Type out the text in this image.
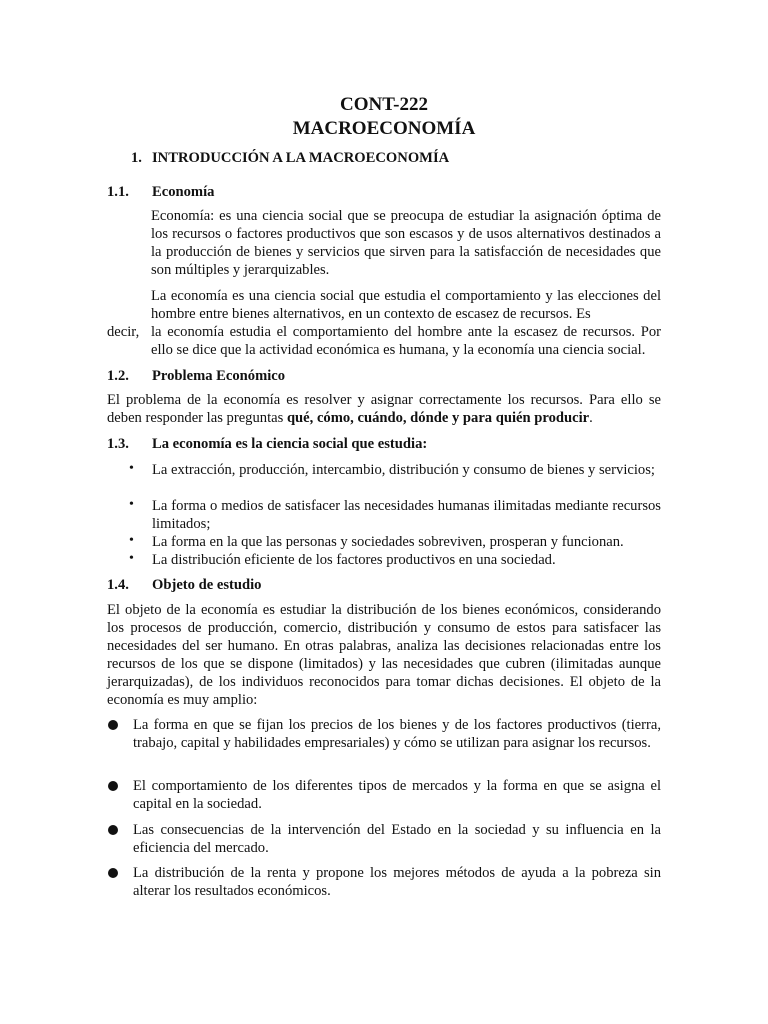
CONT-222
MACROECONOMÍA
1. INTRODUCCIÓN A LA MACROECONOMÍA
1.1. Economía
Economía: es una ciencia social que se preocupa de estudiar la asignación óptima de los recursos o factores productivos que son escasos y de usos alternativos destinados a la producción de bienes y servicios que sirven para la satisfacción de necesidades que son múltiples y jerarquizables.
La economía es una ciencia social que estudia el comportamiento y las elecciones del hombre entre bienes alternativos, en un contexto de escasez de recursos. Es
decir, la economía estudia el comportamiento del hombre ante la escasez de recursos. Por ello se dice que la actividad económica es humana, y la economía una ciencia social.
1.2. Problema Económico
El problema de la economía es resolver y asignar correctamente los recursos. Para ello se deben responder las preguntas qué, cómo, cuándo, dónde y para quién producir.
1.3. La economía es la ciencia social que estudia:
• La extracción, producción, intercambio, distribución y consumo de bienes y servicios;
• La forma o medios de satisfacer las necesidades humanas ilimitadas mediante recursos limitados;
• La forma en la que las personas y sociedades sobreviven, prosperan y funcionan.
• La distribución eficiente de los factores productivos en una sociedad.
1.4. Objeto de estudio
El objeto de la economía es estudiar la distribución de los bienes económicos, considerando los procesos de producción, comercio, distribución y consumo de estos para satisfacer las necesidades del ser humano. En otras palabras, analiza las decisiones relacionadas entre los recursos de los que se dispone (limitados) y las necesidades que cubren (ilimitadas aunque jerarquizadas), de los individuos reconocidos para tomar dichas decisiones. El objeto de la economía es muy amplio:
La forma en que se fijan los precios de los bienes y de los factores productivos (tierra, trabajo, capital y habilidades empresariales) y cómo se utilizan para asignar los recursos.
El comportamiento de los diferentes tipos de mercados y la forma en que se asigna el capital en la sociedad.
Las consecuencias de la intervención del Estado en la sociedad y su influencia en la eficiencia del mercado.
La distribución de la renta y propone los mejores métodos de ayuda a la pobreza sin alterar los resultados económicos.
